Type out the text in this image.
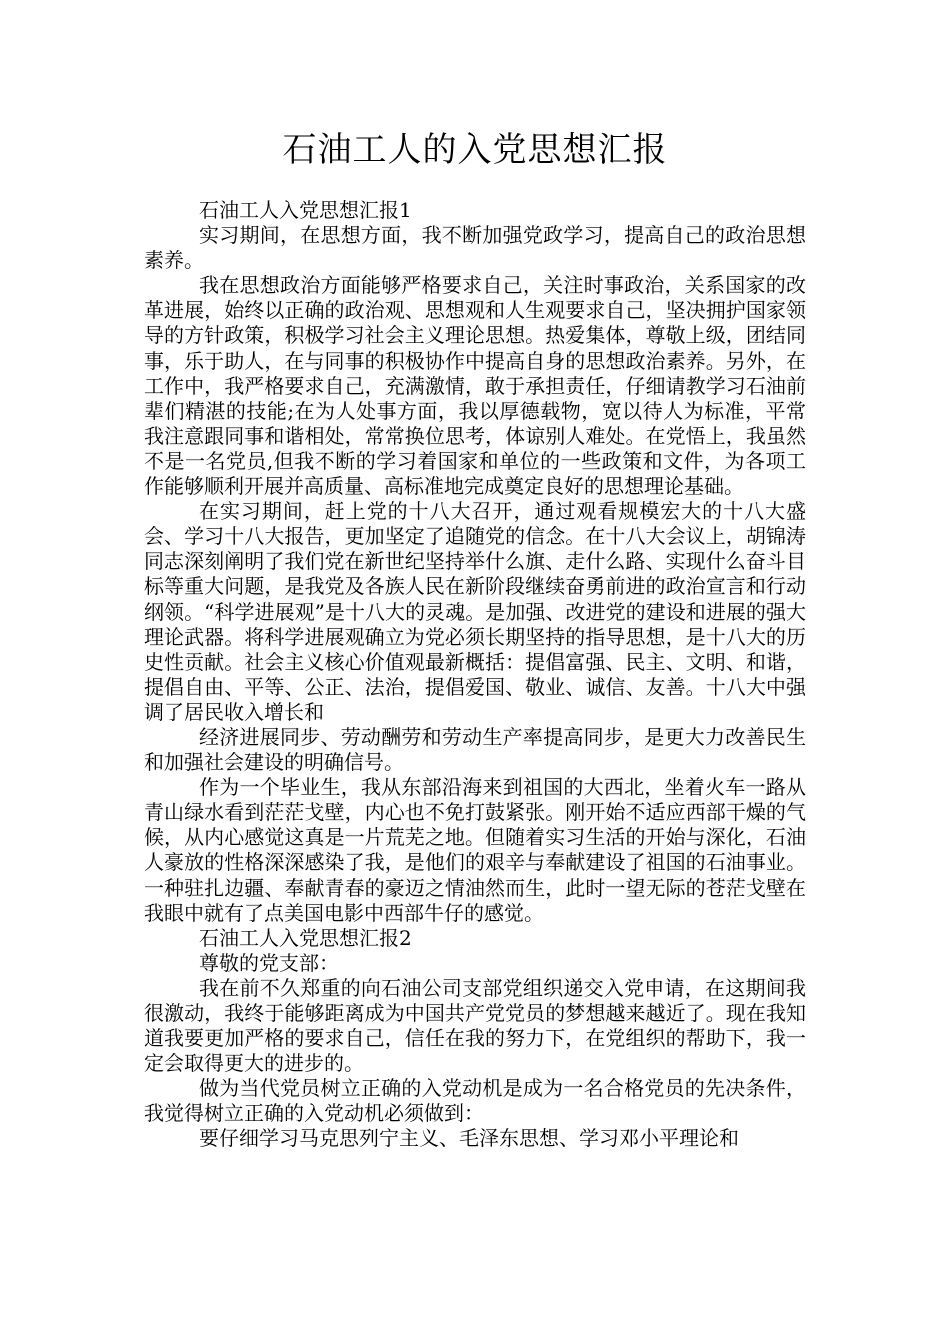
石油工人的入党思想汇报

石油工人入党思想汇报1

实习期间，在思想方面，我不断加强党政学习，提高自己的政治思想素养。

我在思想政治方面能够严格要求自己，关注时事政治，关系国家的改革进展，始终以正确的政治观、思想观和人生观要求自己，坚决拥护国家领导的方针政策，积极学习社会主义理论思想。热爱集体，尊敬上级，团结同事，乐于助人，在与同事的积极协作中提高自身的思想政治素养。另外，在工作中，我严格要求自己，充满激情，敢于承担责任，仔细请教学习石油前辈们精湛的技能;在为人处事方面，我以厚德载物，宽以待人为标准，平常我注意跟同事和谐相处，常常换位思考，体谅别人难处。在党悟上，我虽然不是一名党员,但我不断的学习着国家和单位的一些政策和文件，为各项工作能够顺利开展并高质量、高标准地完成奠定良好的思想理论基础。

在实习期间，赶上党的十八大召开，通过观看规模宏大的十八大盛会、学习十八大报告，更加坚定了追随党的信念。在十八大会议上，胡锦涛同志深刻阐明了我们党在新世纪坚持举什么旗、走什么路、实现什么奋斗目标等重大问题，是我党及各族人民在新阶段继续奋勇前进的政治宣言和行动纲领。“科学进展观”是十八大的灵魂。是加强、改进党的建设和进展的强大理论武器。将科学进展观确立为党必须长期坚持的指导思想，是十八大的历史性贡献。社会主义核心价值观最新概括：提倡富强、民主、文明、和谐，提倡自由、平等、公正、法治，提倡爱国、敬业、诚信、友善。十八大中强调了居民收入增长和

经济进展同步、劳动酬劳和劳动生产率提高同步，是更大力改善民生和加强社会建设的明确信号。

作为一个毕业生，我从东部沿海来到祖国的大西北，坐着火车一路从青山绿水看到茫茫戈壁，内心也不免打鼓紧张。刚开始不适应西部干燥的气候，从内心感觉这真是一片荒芜之地。但随着实习生活的开始与深化，石油人豪放的性格深深感染了我，是他们的艰辛与奉献建设了祖国的石油事业。一种驻扎边疆、奉献青春的豪迈之情油然而生，此时一望无际的苍茫戈壁在我眼中就有了点美国电影中西部牛仔的感觉。

石油工人入党思想汇报2

尊敬的党支部：

我在前不久郑重的向石油公司支部党组织递交入党申请，在这期间我很激动，我终于能够距离成为中国共产党党员的梦想越来越近了。现在我知道我要更加严格的要求自己，信任在我的努力下，在党组织的帮助下，我一定会取得更大的进步的。

做为当代党员树立正确的入党动机是成为一名合格党员的先决条件，我觉得树立正确的入党动机必须做到：

要仔细学习马克思列宁主义、毛泽东思想、学习邓小平理论和
